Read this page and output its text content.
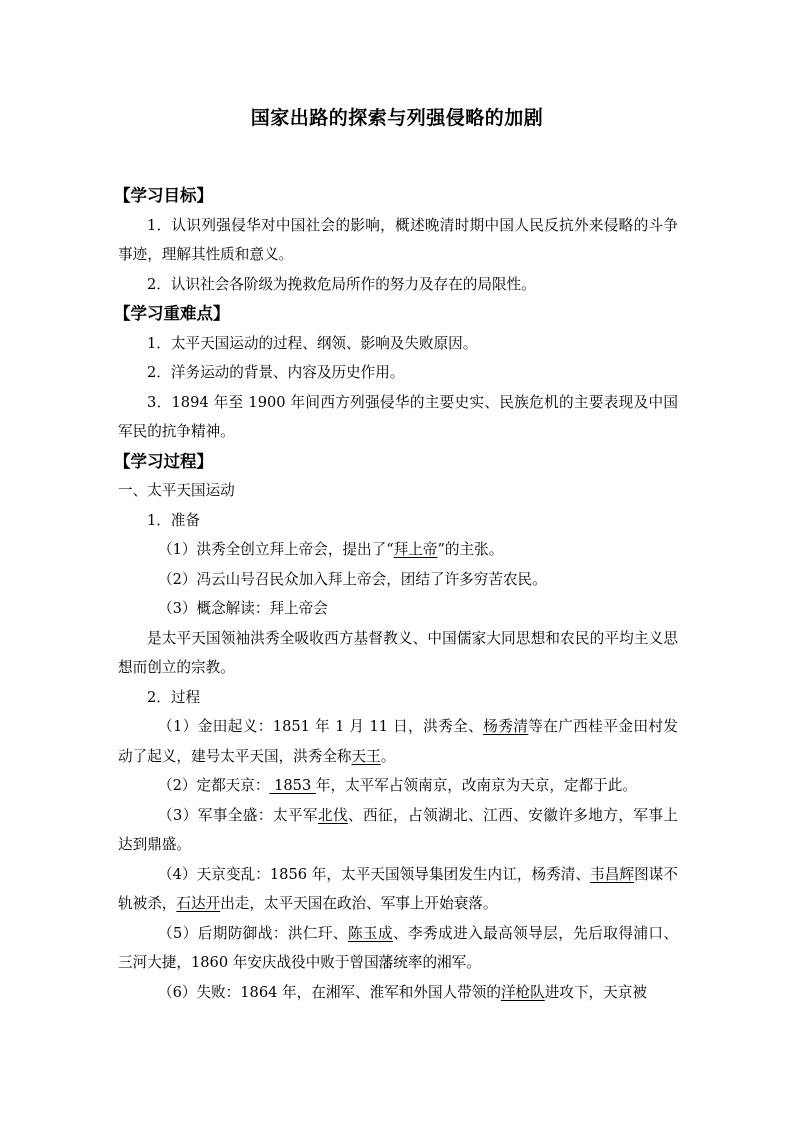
国家出路的探索与列强侵略的加剧
【学习目标】
1．认识列强侵华对中国社会的影响，概述晚清时期中国人民反抗外来侵略的斗争事迹，理解其性质和意义。
2．认识社会各阶级为挽救危局所作的努力及存在的局限性。
【学习重难点】
1．太平天国运动的过程、纲领、影响及失败原因。
2．洋务运动的背景、内容及历史作用。
3．1894 年至 1900 年间西方列强侵华的主要史实、民族危机的主要表现及中国军民的抗争精神。
【学习过程】
一、太平天国运动
1．准备
（1）洪秀全创立拜上帝会，提出了“拜上帝”的主张。
（2）冯云山号召民众加入拜上帝会，团结了许多穷苦农民。
（3）概念解读：拜上帝会
是太平天国领袖洪秀全吸收西方基督教义、中国儒家大同思想和农民的平均主义思想而创立的宗教。
2．过程
（1）金田起义：1851 年 1 月 11 日，洪秀全、杨秀清等在广西桂平金田村发动了起义，建号太平天国，洪秀全称天王。
（2）定都天京： 1853 年，太平军占领南京，改南京为天京，定都于此。
（3）军事全盛：太平军北伐、西征，占领湖北、江西、安徽许多地方，军事上达到鼎盛。
（4）天京变乱：1856 年，太平天国领导集团发生内讧，杨秀清、韦昌辉图谋不轨被杀，石达开出走，太平天国在政治、军事上开始衰落。
（5）后期防御战：洪仁玕、陈玉成、李秀成进入最高领导层，先后取得浦口、三河大捷，1860 年安庆战役中败于曾国藩统率的湘军。
（6）失败：1864 年，在湘军、淮军和外国人带领的洋枪队进攻下，天京被
